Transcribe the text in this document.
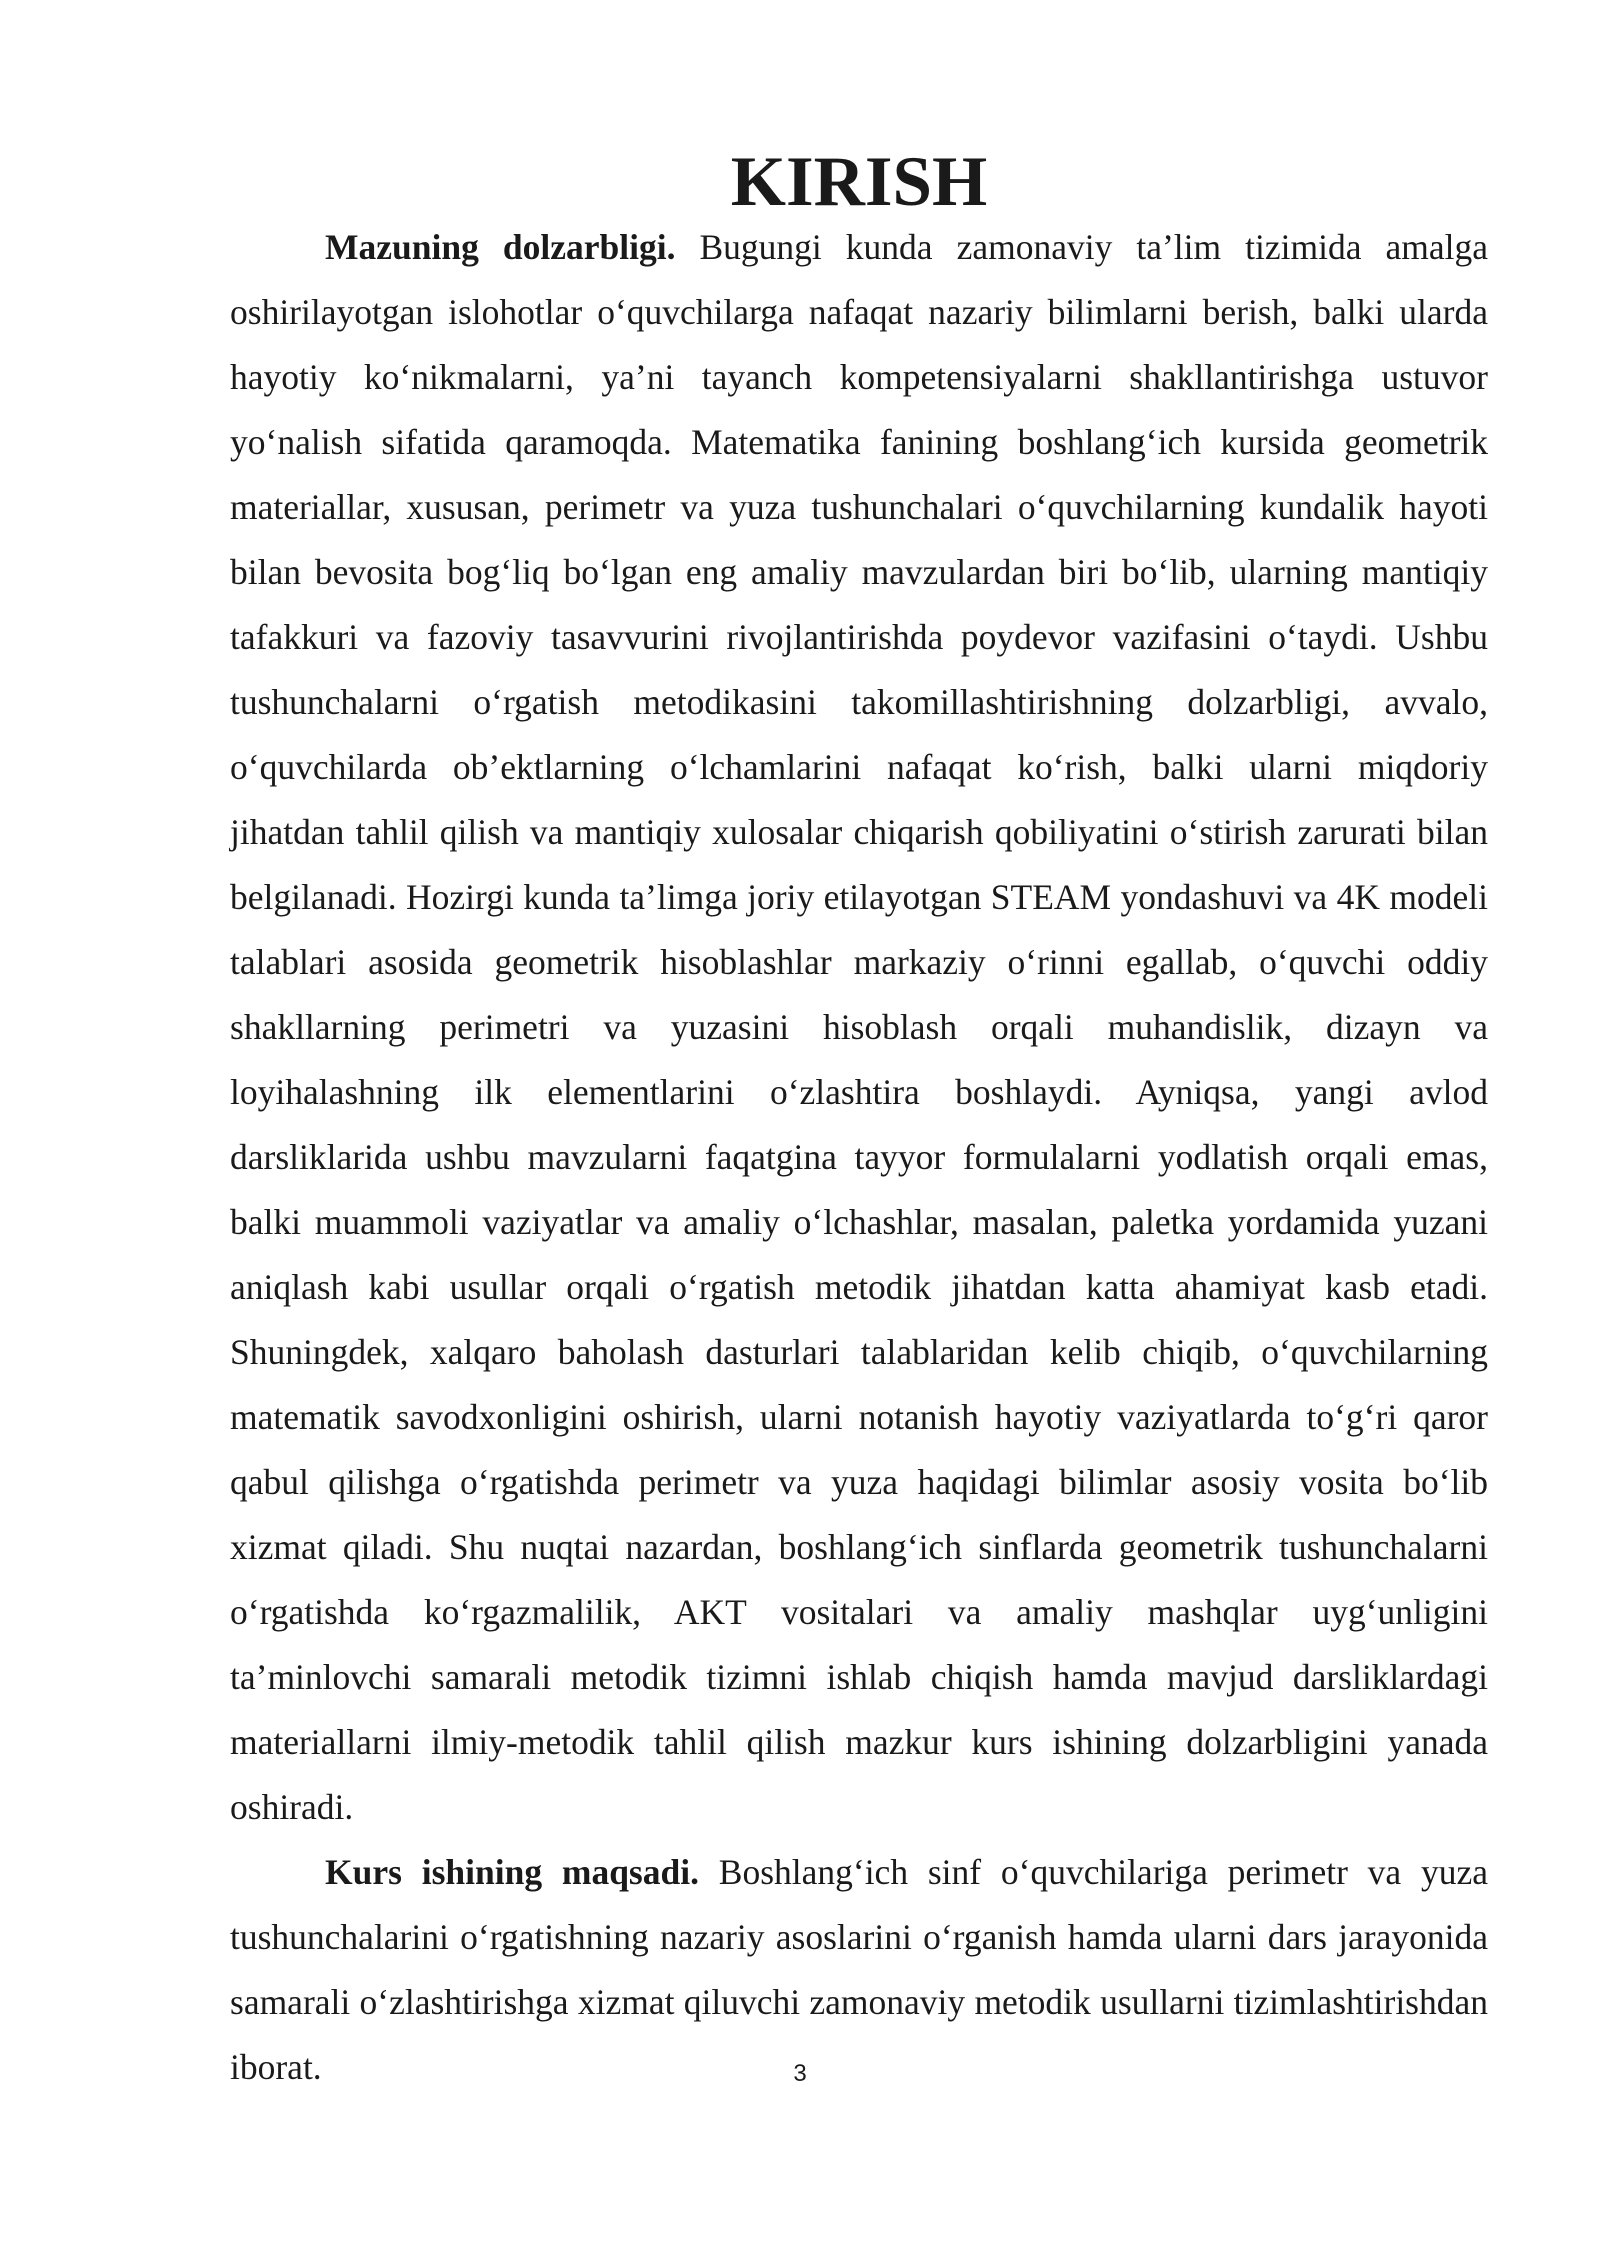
KIRISH

Mazuning dolzarbligi. Bugungi kunda zamonaviy ta’lim tizimida amalga oshirilayotgan islohotlar o‘quvchilarga nafaqat nazariy bilimlarni berish, balki ularda hayotiy ko‘nikmalarni, ya’ni tayanch kompetensiyalarni shakllantirishga ustuvor yo‘nalish sifatida qaramoqda. Matematika fanining boshlang‘ich kursida geometrik materiallar, xususan, perimetr va yuza tushunchalari o‘quvchilarning kundalik hayoti bilan bevosita bog‘liq bo‘lgan eng amaliy mavzulardan biri bo‘lib, ularning mantiqiy tafakkuri va fazoviy tasavvurini rivojlantirishda poydevor vazifasini o‘taydi. Ushbu tushunchalarni o‘rgatish metodikasini takomillashtirishning dolzarbligi, avvalo, o‘quvchilarda ob’ektlarning o‘lchamlarini nafaqat ko‘rish, balki ularni miqdoriy jihatdan tahlil qilish va mantiqiy xulosalar chiqarish qobiliyatini o‘stirish zarurati bilan belgilanadi. Hozirgi kunda ta’limga joriy etilayotgan STEAM yondashuvi va 4K modeli talablari asosida geometrik hisoblashlar markaziy o‘rinni egallab, o‘quvchi oddiy shakllarning perimetri va yuzasini hisoblash orqali muhandislik, dizayn va loyihalashning ilk elementlarini o‘zlashtira boshlaydi. Ayniqsa, yangi avlod darsliklarida ushbu mavzularni faqatgina tayyor formulalarni yodlatish orqali emas, balki muammoli vaziyatlar va amaliy o‘lchashlar, masalan, paletka yordamida yuzani aniqlash kabi usullar orqali o‘rgatish metodik jihatdan katta ahamiyat kasb etadi. Shuningdek, xalqaro baholash dasturlari talablaridan kelib chiqib, o‘quvchilarning matematik savodxonligini oshirish, ularni notanish hayotiy vaziyatlarda to‘g‘ri qaror qabul qilishga o‘rgatishda perimetr va yuza haqidagi bilimlar asosiy vosita bo‘lib xizmat qiladi. Shu nuqtai nazardan, boshlang‘ich sinflarda geometrik tushunchalarni o‘rgatishda ko‘rgazmalilik, AKT vositalari va amaliy mashqlar uyg‘unligini ta’minlovchi samarali metodik tizimni ishlab chiqish hamda mavjud darsliklardagi materiallarni ilmiy-metodik tahlil qilish mazkur kurs ishining dolzarbligini yanada oshiradi.

Kurs ishining maqsadi. Boshlang‘ich sinf o‘quvchilariga perimetr va yuza tushunchalarini o‘rgatishning nazariy asoslarini o‘rganish hamda ularni dars jarayonida samarali o‘zlashtirishga xizmat qiluvchi zamonaviy metodik usullarni tizimlashtirishdan iborat.	3
